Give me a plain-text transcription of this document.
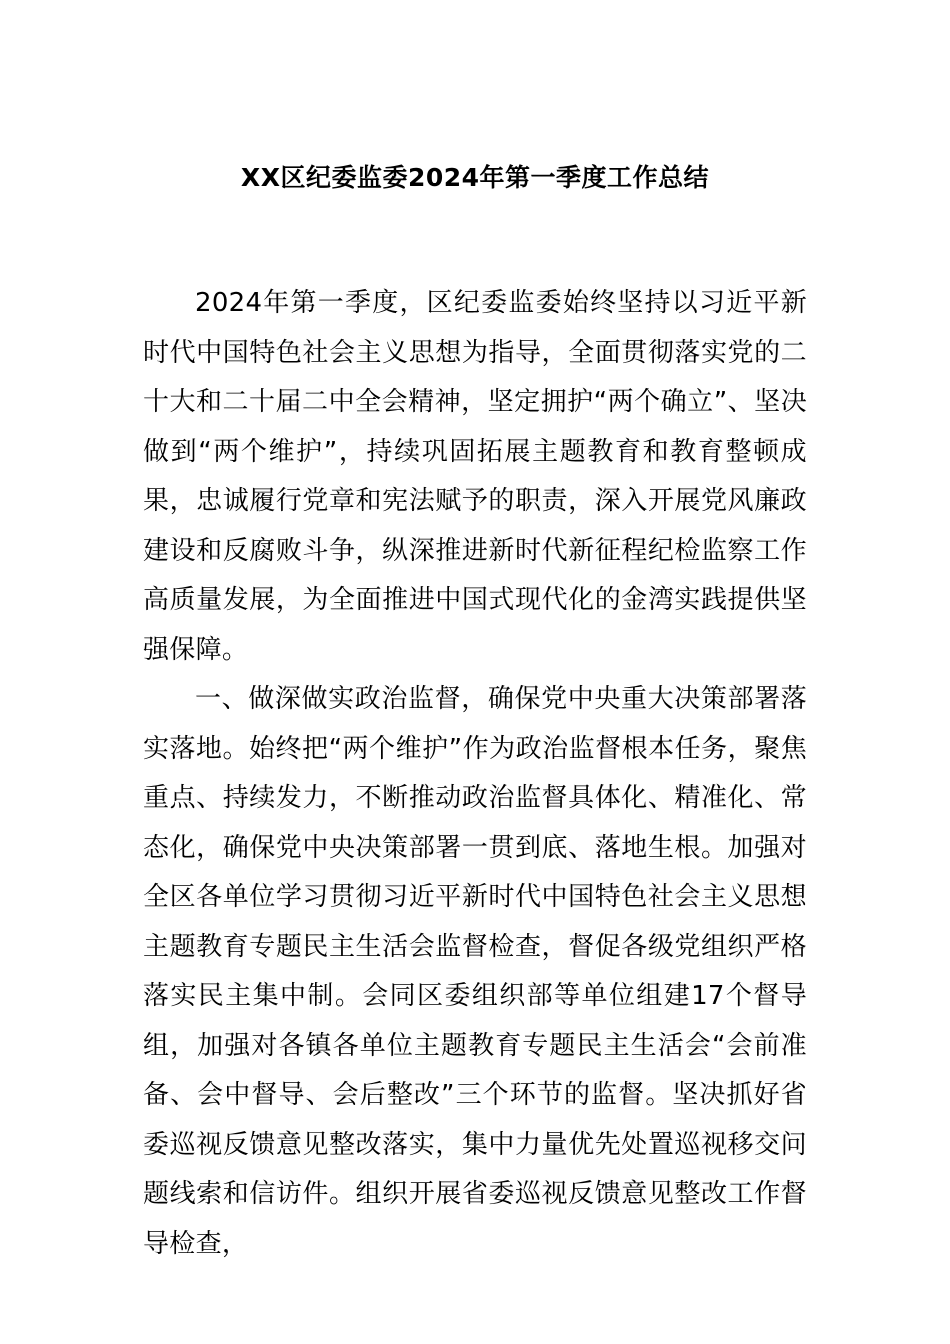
XX区纪委监委2024年第一季度工作总结

2024年第一季度，区纪委监委始终坚持以习近平新时代中国特色社会主义思想为指导，全面贯彻落实党的二十大和二十届二中全会精神，坚定拥护“两个确立”、坚决做到“两个维护”，持续巩固拓展主题教育和教育整顿成果，忠诚履行党章和宪法赋予的职责，深入开展党风廉政建设和反腐败斗争，纵深推进新时代新征程纪检监察工作高质量发展，为全面推进中国式现代化的金湾实践提供坚强保障。

一、做深做实政治监督，确保党中央重大决策部署落实落地。始终把“两个维护”作为政治监督根本任务，聚焦重点、持续发力，不断推动政治监督具体化、精准化、常态化，确保党中央决策部署一贯到底、落地生根。加强对全区各单位学习贯彻习近平新时代中国特色社会主义思想主题教育专题民主生活会监督检查，督促各级党组织严格落实民主集中制。会同区委组织部等单位组建17个督导组，加强对各镇各单位主题教育专题民主生活会“会前准备、会中督导、会后整改”三个环节的监督。坚决抓好省委巡视反馈意见整改落实，集中力量优先处置巡视移交问题线索和信访件。组织开展省委巡视反馈意见整改工作督导检查，
